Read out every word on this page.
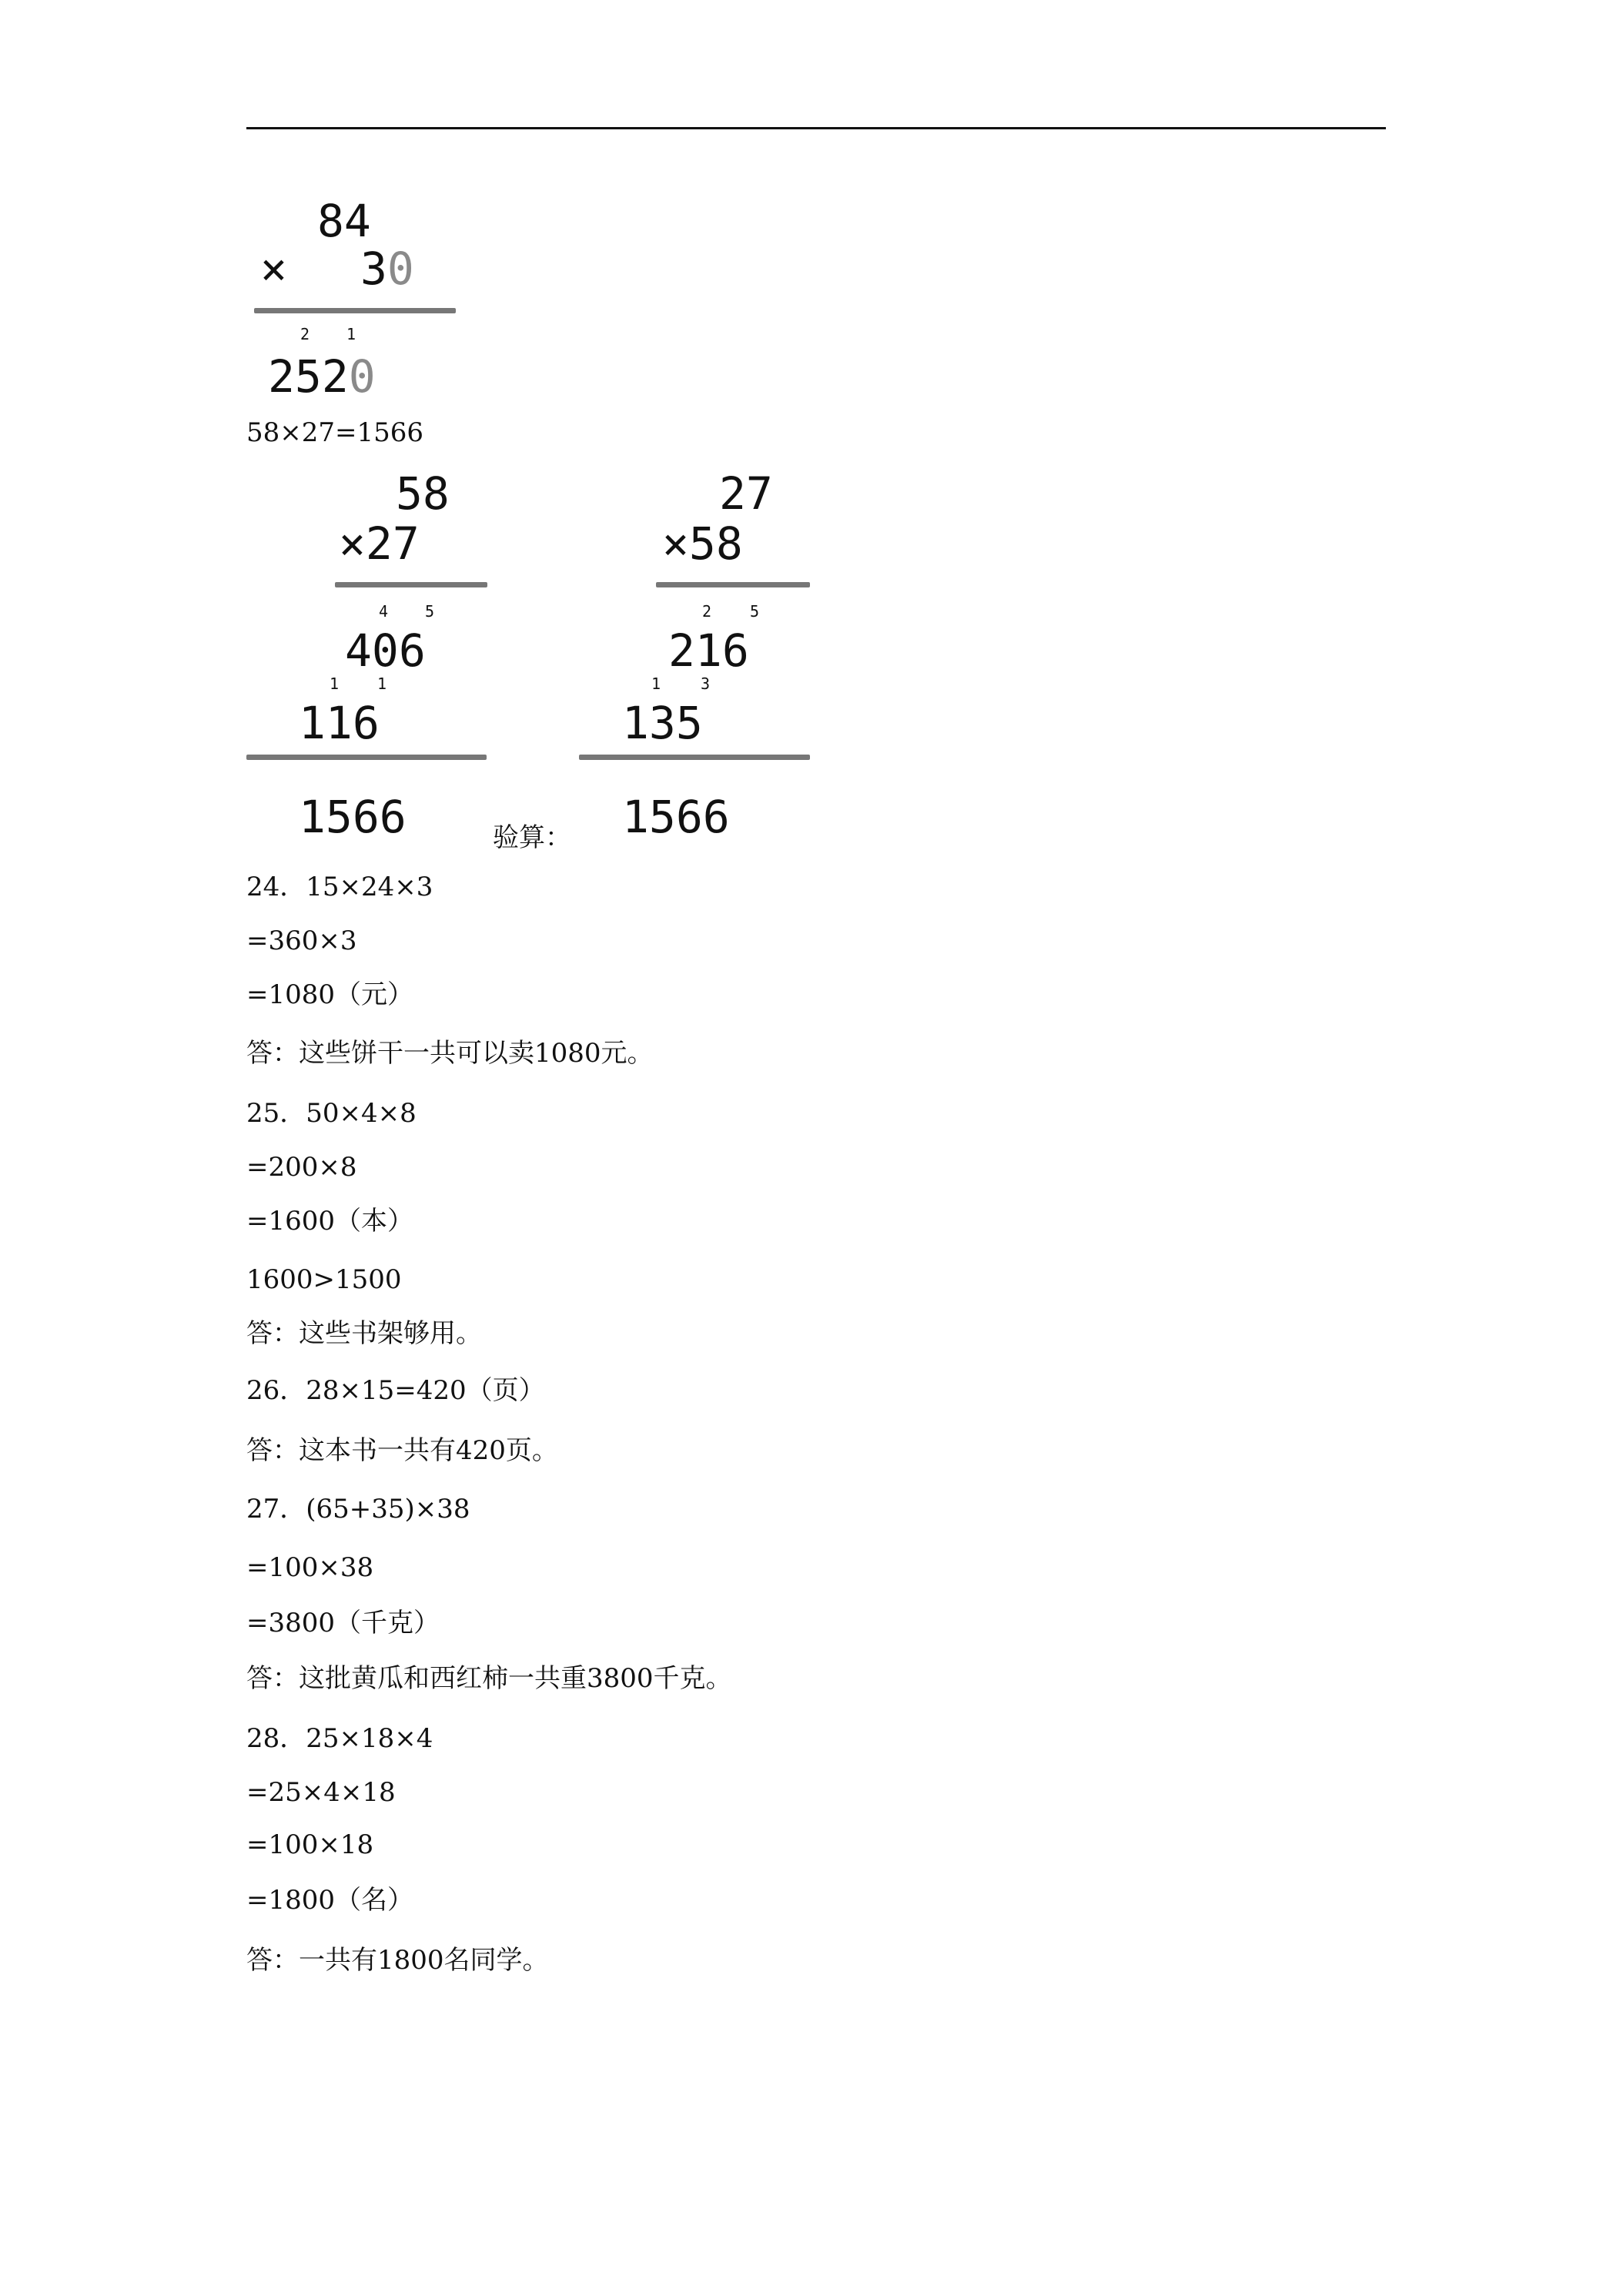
84
× 30
2 1
2520
58×27=1566
58
×27
4 5
406
1 1
116
1566	验算：
27
×58
2 5
216
1	3
135
1566
24．15×24×3
=360×3
=1080（元）
答：这些饼干一共可以卖1080元。
25．50×4×8
=200×8
=1600（本）
1600>1500
答：这些书架够用。
26．28×15=420（页）
答：这本书一共有420页。
27．(65+35)×38
=100×38
=3800（千克）
答：这批黄瓜和西红柿一共重3800千克。
28．25×18×4
=25×4×18
=100×18
=1800（名）
答：一共有1800名同学。
